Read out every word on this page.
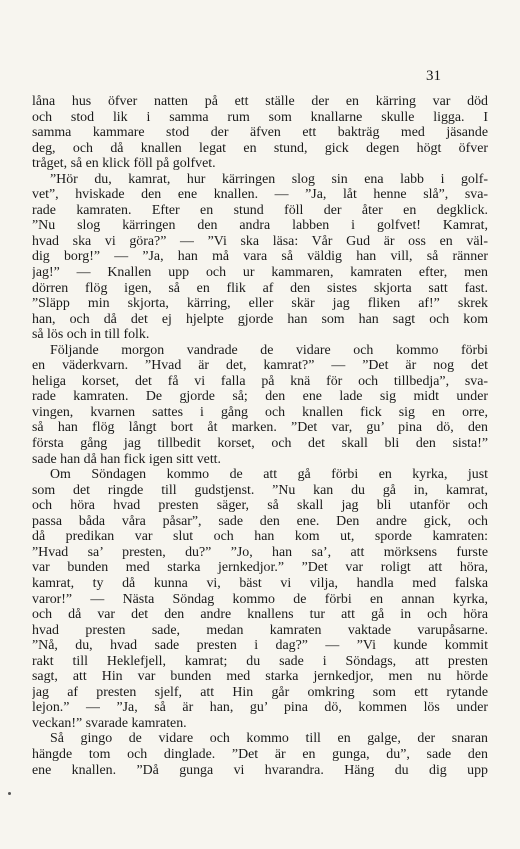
31
låna hus öfver natten på ett ställe der en kärring var död
och stod lik i samma rum som knallarne skulle ligga. I
samma kammare stod der äfven ett bakträg med jäsande
deg, och då knallen legat en stund, gick degen högt öfver
tråget, så en klick föll på golfvet.
”Hör du, kamrat, hur kärringen slog sin ena labb i golf-
vet”, hviskade den ene knallen. — ”Ja, låt henne slå”, sva-
rade kamraten. Efter en stund föll der åter en degklick.
”Nu slog kärringen den andra labben i golfvet! Kamrat,
hvad ska vi göra?” — ”Vi ska läsa: Vår Gud är oss en väl-
dig borg!” — ”Ja, han må vara så väldig han vill, så ränner
jag!” — Knallen upp och ur kammaren, kamraten efter, men
dörren flög igen, så en flik af den sistes skjorta satt fast.
”Släpp min skjorta, kärring, eller skär jag fliken af!” skrek
han, och då det ej hjelpte gjorde han som han sagt och kom
så lös och in till folk.
Följande morgon vandrade de vidare och kommo förbi
en väderkvarn. ”Hvad är det, kamrat?” — ”Det är nog det
heliga korset, det få vi falla på knä för och tillbedja”, sva-
rade kamraten. De gjorde så; den ene lade sig midt under
vingen, kvarnen sattes i gång och knallen fick sig en orre,
så han flög långt bort åt marken. ”Det var, gu’ pina dö, den
första gång jag tillbedit korset, och det skall bli den sista!”
sade han då han fick igen sitt vett.
Om Söndagen kommo de att gå förbi en kyrka, just
som det ringde till gudstjenst. ”Nu kan du gå in, kamrat,
och höra hvad presten säger, så skall jag bli utanför och
passa båda våra påsar”, sade den ene. Den andre gick, och
då predikan var slut och han kom ut, sporde kamraten:
”Hvad sa’ presten, du?” ”Jo, han sa’, att mörksens furste
var bunden med starka jernkedjor.” ”Det var roligt att höra,
kamrat, ty då kunna vi, bäst vi vilja, handla med falska
varor!” — Nästa Söndag kommo de förbi en annan kyrka,
och då var det den andre knallens tur att gå in och höra
hvad presten sade, medan kamraten vaktade varupåsarne.
”Nå, du, hvad sade presten i dag?” — ”Vi kunde kommit
rakt till Heklefjell, kamrat; du sade i Söndags, att presten
sagt, att Hin var bunden med starka jernkedjor, men nu hörde
jag af presten sjelf, att Hin går omkring som ett rytande
lejon.” — ”Ja, så är han, gu’ pina dö, kommen lös under
veckan!” svarade kamraten.
Så gingo de vidare och kommo till en galge, der snaran
hängde tom och dinglade. ”Det är en gunga, du”, sade den
ene knallen. ”Då gunga vi hvarandra. Häng du dig upp
